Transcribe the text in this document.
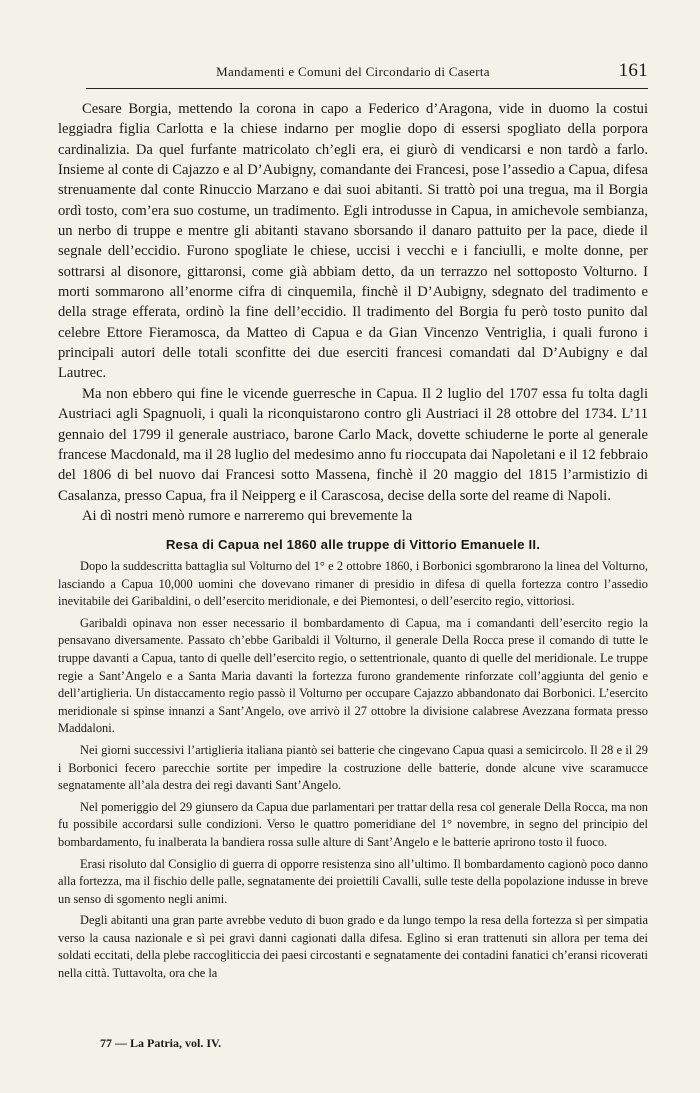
Mandamenti e Comuni del Circondario di Caserta	161

Cesare Borgia, mettendo la corona in capo a Federico d’Aragona, vide in duomo la costui leggiadra figlia Carlotta e la chiese indarno per moglie dopo di essersi spogliato della porpora cardinalizia. Da quel furfante matricolato ch’egli era, ei giurò di vendicarsi e non tardò a farlo. Insieme al conte di Cajazzo e al D’Aubigny, comandante dei Francesi, pose l’assedio a Capua, difesa strenuamente dal conte Rinuccio Marzano e dai suoi abitanti. Si trattò poi una tregua, ma il Borgia ordì tosto, com’era suo costume, un tradimento. Egli introdusse in Capua, in amichevole sembianza, un nerbo di truppe e mentre gli abitanti stavano sborsando il danaro pattuito per la pace, diede il segnale dell’eccidio. Furono spogliate le chiese, uccisi i vecchi e i fanciulli, e molte donne, per sottrarsi al disonore, gittaronsi, come già abbiam detto, da un terrazzo nel sottoposto Volturno. I morti sommarono all’enorme cifra di cinquemila, finchè il D’Aubigny, sdegnato del tradimento e della strage efferata, ordinò la fine dell’eccidio. Il tradimento del Borgia fu però tosto punito dal celebre Ettore Fieramosca, da Matteo di Capua e da Gian Vincenzo Ventriglia, i quali furono i principali autori delle totali sconfitte dei due eserciti francesi comandati dal D’Aubigny e dal Lautrec.

Ma non ebbero qui fine le vicende guerresche in Capua. Il 2 luglio del 1707 essa fu tolta dagli Austriaci agli Spagnuoli, i quali la riconquistarono contro gli Austriaci il 28 ottobre del 1734. L’11 gennaio del 1799 il generale austriaco, barone Carlo Mack, dovette schiuderne le porte al generale francese Macdonald, ma il 28 luglio del medesimo anno fu rioccupata dai Napoletani e il 12 febbraio del 1806 di bel nuovo dai Francesi sotto Massena, finchè il 20 maggio del 1815 l’armistizio di Casalanza, presso Capua, fra il Neipperg e il Carascosa, decise della sorte del reame di Napoli.

Ai dì nostri menò rumore e narreremo qui brevemente la

Resa di Capua nel 1860 alle truppe di Vittorio Emanuele II.

Dopo la suddescritta battaglia sul Volturno del 1° e 2 ottobre 1860, i Borbonici sgombrarono la linea del Volturno, lasciando a Capua 10,000 uomini che dovevano rimaner di presidio in difesa di quella fortezza contro l’assedio inevitabile dei Garibaldini, o dell’esercito meridionale, e dei Piemontesi, o dell’esercito regio, vittoriosi.

Garibaldi opinava non esser necessario il bombardamento di Capua, ma i comandanti dell’esercito regio la pensavano diversamente. Passato ch’ebbe Garibaldi il Volturno, il generale Della Rocca prese il comando di tutte le truppe davanti a Capua, tanto di quelle dell’esercito regio, o settentrionale, quanto di quelle del meridionale. Le truppe regie a Sant’Angelo e a Santa Maria davanti la fortezza furono grandemente rinforzate coll’aggiunta del genio e dell’artiglieria. Un distaccamento regio passò il Volturno per occupare Cajazzo abbandonato dai Borbonici. L’esercito meridionale si spinse innanzi a Sant’Angelo, ove arrivò il 27 ottobre la divisione calabrese Avezzana formata presso Maddaloni.

Nei giorni successivi l’artiglieria italiana piantò sei batterie che cingevano Capua quasi a semicircolo. Il 28 e il 29 i Borbonici fecero parecchie sortite per impedire la costruzione delle batterie, donde alcune vive scaramucce segnatamente all’ala destra dei regi davanti Sant’Angelo.

Nel pomeriggio del 29 giunsero da Capua due parlamentari per trattar della resa col generale Della Rocca, ma non fu possibile accordarsi sulle condizioni. Verso le quattro pomeridiane del 1° novembre, in segno del principio del bombardamento, fu inalberata la bandiera rossa sulle alture di Sant’Angelo e le batterie aprirono tosto il fuoco.

Erasi risoluto dal Consiglio di guerra di opporre resistenza sino all’ultimo. Il bombardamento cagionò poco danno alla fortezza, ma il fischio delle palle, segnatamente dei proiettili Cavalli, sulle teste della popolazione indusse in breve un senso di sgomento negli animi.

Degli abitanti una gran parte avrebbe veduto di buon grado e da lungo tempo la resa della fortezza sì per simpatia verso la causa nazionale e sì pei gravi danni cagionati dalla difesa. Eglino si eran trattenuti sin allora per tema dei soldati eccitati, della plebe raccogliticcia dei paesi circostanti e segnatamente dei contadini fanatici ch’eransi ricoverati nella città. Tuttavolta, ora che la

77 — La Patria, vol. IV.
